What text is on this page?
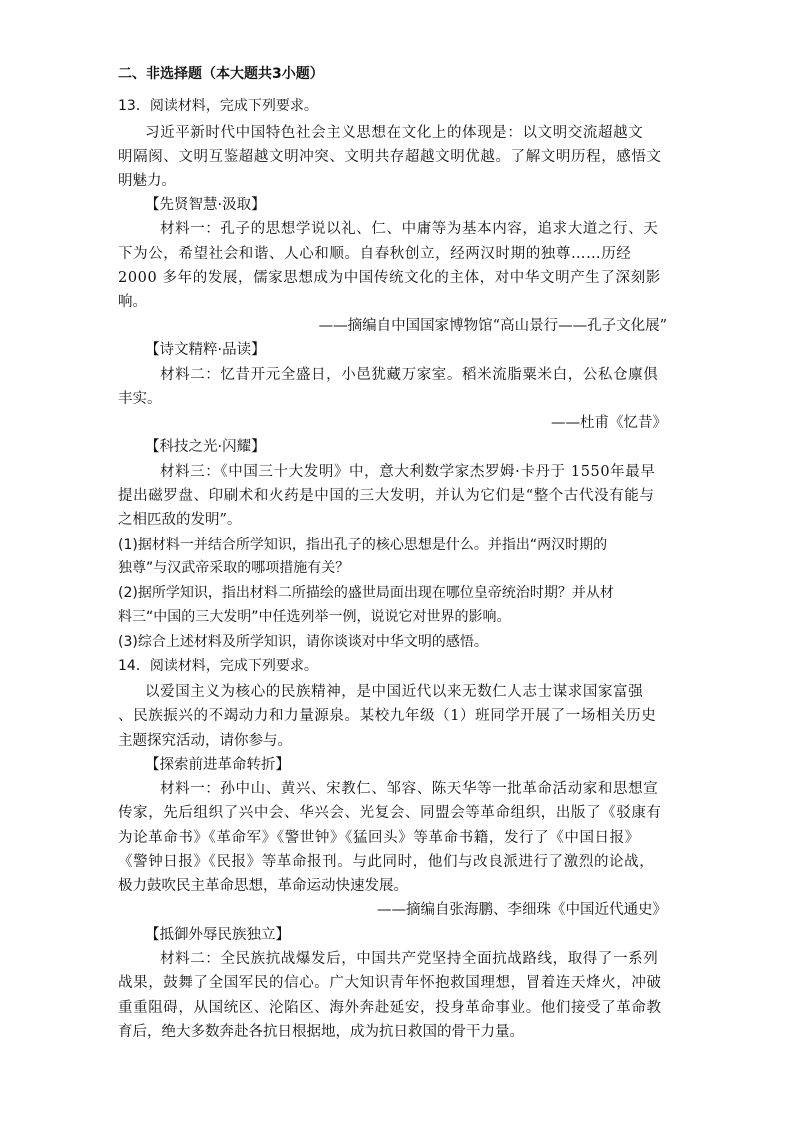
二、非选择题（本大题共3小题）
13．阅读材料，完成下列要求。
习近平新时代中国特色社会主义思想在文化上的体现是：以文明交流超越文
明隔阂、文明互鉴超越文明冲突、文明共存超越文明优越。了解文明历程，感悟文
明魅力。
【先贤智慧·汲取】
材料一：孔子的思想学说以礼、仁、中庸等为基本内容，追求大道之行、天
下为公，希望社会和谐、人心和顺。自春秋创立，经两汉时期的独尊……历经
2000 多年的发展，儒家思想成为中国传统文化的主体，对中华文明产生了深刻影
响。
——摘编自中国国家博物馆“高山景行——孔子文化展”
【诗文精粹·品读】
材料二：忆昔开元全盛日，小邑犹藏万家室。稻米流脂粟米白，公私仓廪俱
丰实。
——杜甫《忆昔》
【科技之光·闪耀】
材料三：《中国三十大发明》中，意大利数学家杰罗姆·卡丹于 1550年最早
提出磁罗盘、印刷术和火药是中国的三大发明，并认为它们是“整个古代没有能与
之相匹敌的发明”。
(1)据材料一并结合所学知识，指出孔子的核心思想是什么。并指出“两汉时期的
独尊”与汉武帝采取的哪项措施有关？
(2)据所学知识，指出材料二所描绘的盛世局面出现在哪位皇帝统治时期？并从材
料三“中国的三大发明”中任选列举一例，说说它对世界的影响。
(3)综合上述材料及所学知识，请你谈谈对中华文明的感悟。
14．阅读材料，完成下列要求。
以爱国主义为核心的民族精神，是中国近代以来无数仁人志士谋求国家富强
、民族振兴的不竭动力和力量源泉。某校九年级（1）班同学开展了一场相关历史
主题探究活动，请你参与。
【探索前进革命转折】
材料一：孙中山、黄兴、宋教仁、邹容、陈天华等一批革命活动家和思想宣
传家，先后组织了兴中会、华兴会、光复会、同盟会等革命组织，出版了《驳康有
为论革命书》《革命军》《警世钟》《猛回头》等革命书籍，发行了《中国日报》
《警钟日报》《民报》等革命报刊。与此同时，他们与改良派进行了激烈的论战，
极力鼓吹民主革命思想，革命运动快速发展。
——摘编自张海鹏、李细珠《中国近代通史》
【抵御外辱民族独立】
材料二：全民族抗战爆发后，中国共产党坚持全面抗战路线，取得了一系列
战果，鼓舞了全国军民的信心。广大知识青年怀抱救国理想，冒着连天烽火，冲破
重重阻碍，从国统区、沦陷区、海外奔赴延安，投身革命事业。他们接受了革命教
育后，绝大多数奔赴各抗日根据地，成为抗日救国的骨干力量。
